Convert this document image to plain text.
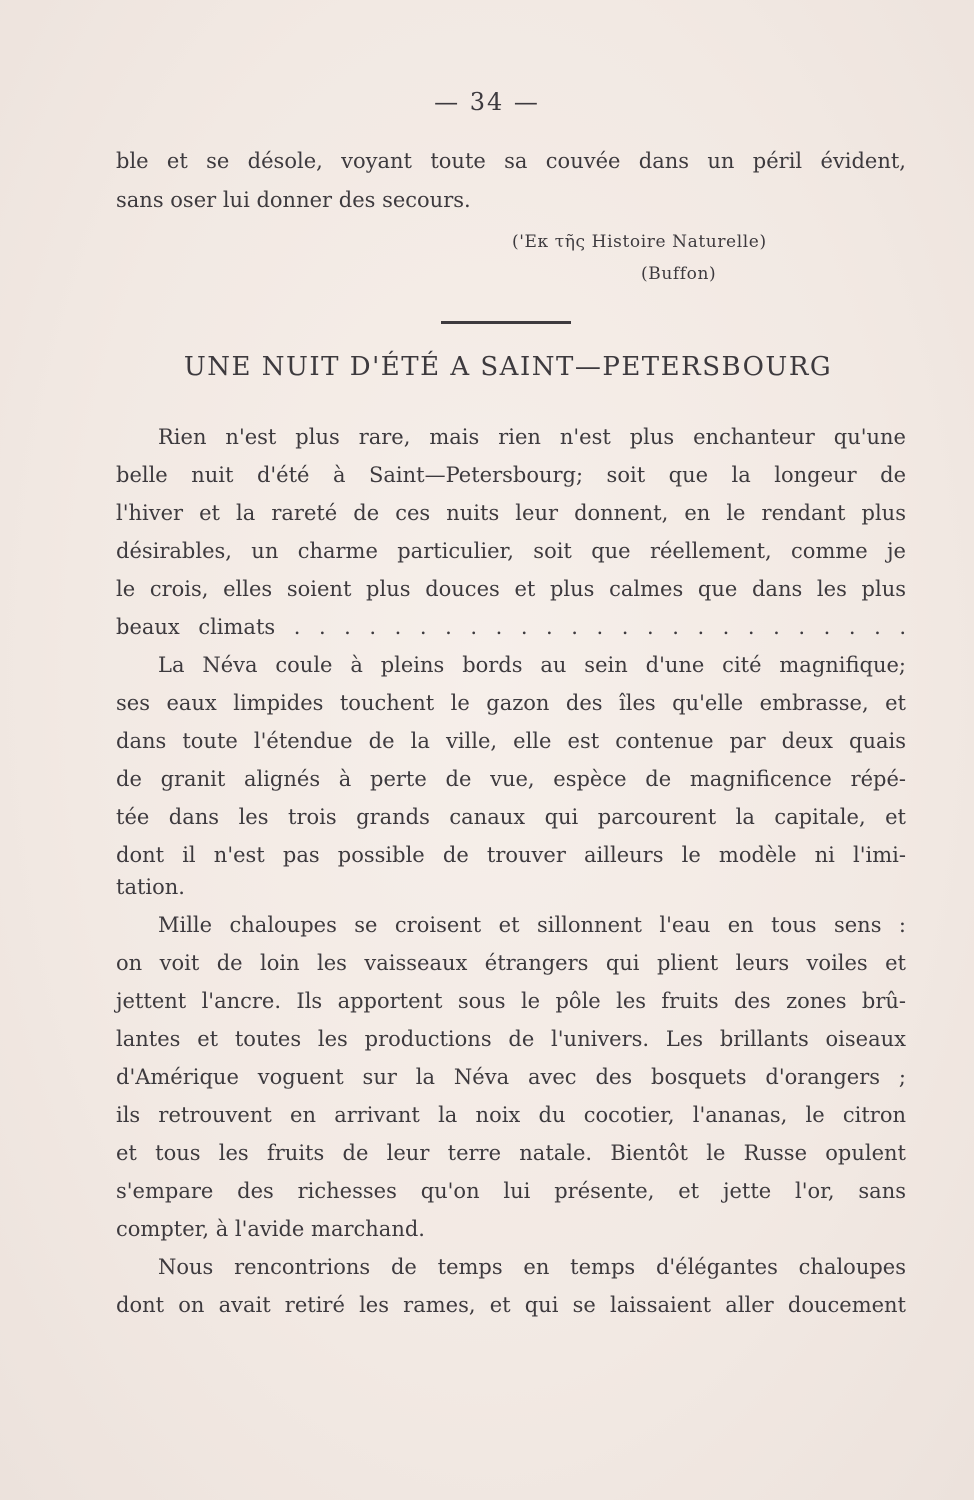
— 34 —
ble et se désole, voyant toute sa couvée dans un péril évident,
sans oser lui donner des secours.
('Εκ τῆς Histoire Naturelle)
(Buffon)
UNE NUIT D'ÉTÉ A SAINT—PETERSBOURG
Rien n'est plus rare, mais rien n'est plus enchanteur qu'une
belle nuit d'été à Saint—Petersbourg; soit que la longeur de
l'hiver et la rareté de ces nuits leur donnent, en le rendant plus
désirables, un charme particulier, soit que réellement, comme je
le crois, elles soient plus douces et plus calmes que dans les plus
beaux climats . . . . . . . . . . . . . . . . . . . . . . . . .
La Néva coule à pleins bords au sein d'une cité magnifique;
ses eaux limpides touchent le gazon des îles qu'elle embrasse, et
dans toute l'étendue de la ville, elle est contenue par deux quais
de granit alignés à perte de vue, espèce de magnificence répé-
tée dans les trois grands canaux qui parcourent la capitale, et
dont il n'est pas possible de trouver ailleurs le modèle ni l'imi-
tation.
Mille chaloupes se croisent et sillonnent l'eau en tous sens :
on voit de loin les vaisseaux étrangers qui plient leurs voiles et
jettent l'ancre. Ils apportent sous le pôle les fruits des zones brû-
lantes et toutes les productions de l'univers. Les brillants oiseaux
d'Amérique voguent sur la Néva avec des bosquets d'orangers ;
ils retrouvent en arrivant la noix du cocotier, l'ananas, le citron
et tous les fruits de leur terre natale. Bientôt le Russe opulent
s'empare des richesses qu'on lui présente, et jette l'or, sans
compter, à l'avide marchand.
Nous rencontrions de temps en temps d'élégantes chaloupes
dont on avait retiré les rames, et qui se laissaient aller doucement
